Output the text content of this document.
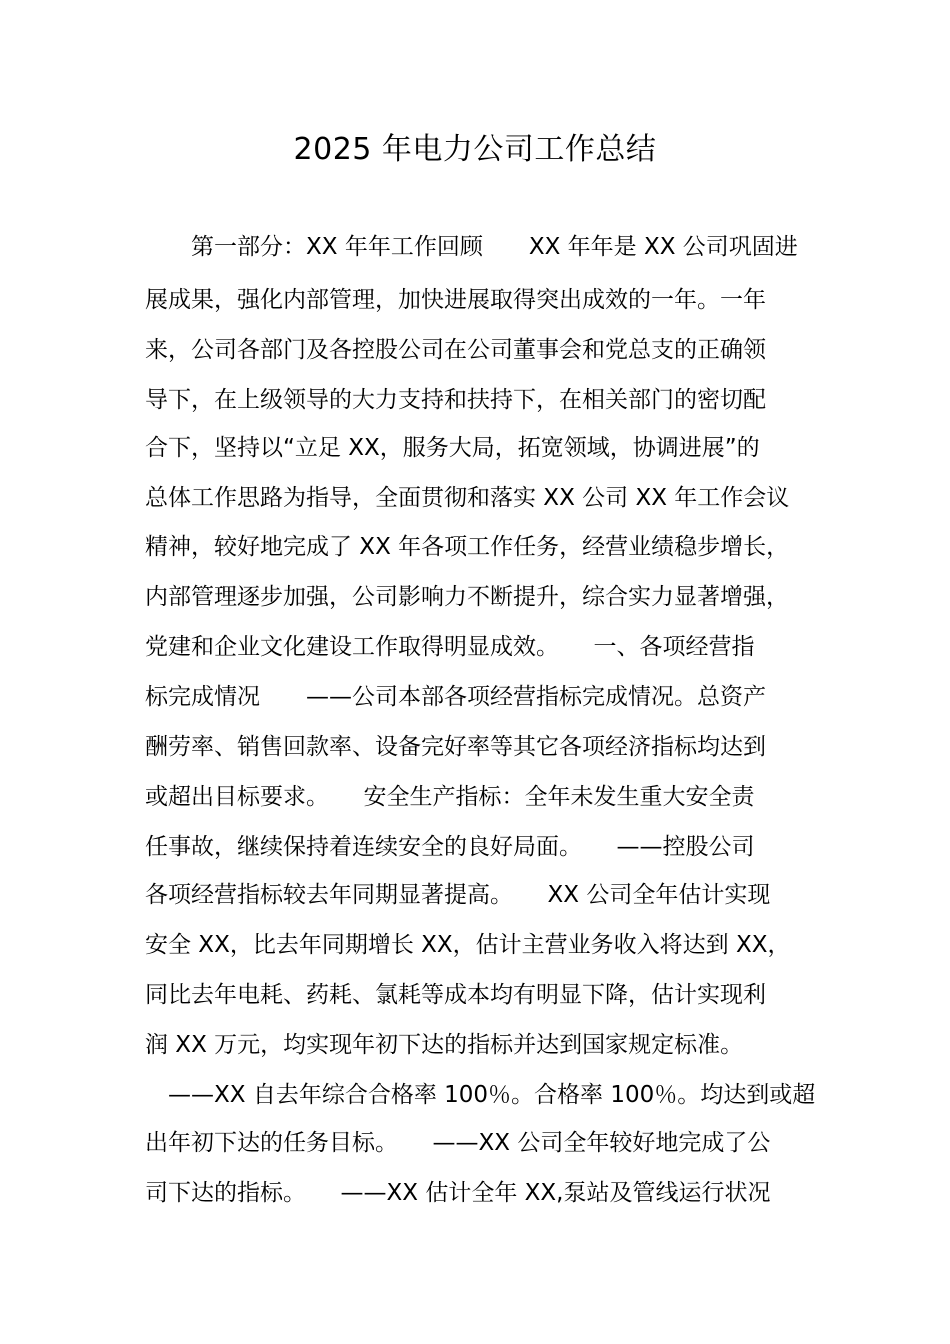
2025 年电力公司工作总结
　　第一部分：XX 年年工作回顾　　XX 年年是 XX 公司巩固进
展成果，强化内部管理，加快进展取得突出成效的一年。一年
来，公司各部门及各控股公司在公司董事会和党总支的正确领
导下，在上级领导的大力支持和扶持下，在相关部门的密切配
合下，坚持以“立足 XX，服务大局，拓宽领域，协调进展”的
总体工作思路为指导，全面贯彻和落实 XX 公司 XX 年工作会议
精神，较好地完成了 XX 年各项工作任务，经营业绩稳步增长，
内部管理逐步加强，公司影响力不断提升，综合实力显著增强，
党建和企业文化建设工作取得明显成效。　　一、各项经营指
标完成情况　　——公司本部各项经营指标完成情况。总资产
酬劳率、销售回款率、设备完好率等其它各项经济指标均达到
或超出目标要求。　　安全生产指标：全年未发生重大安全责
任事故，继续保持着连续安全的良好局面。　　——控股公司
各项经营指标较去年同期显著提高。　　XX 公司全年估计实现
安全 XX，比去年同期增长 XX，估计主营业务收入将达到 XX，
同比去年电耗、药耗、氯耗等成本均有明显下降，估计实现利
润 XX 万元，均实现年初下达的指标并达到国家规定标准。
　——XX 自去年综合合格率 100％。合格率 100％。均达到或超
出年初下达的任务目标。　　——XX 公司全年较好地完成了公
司下达的指标。　　——XX 估计全年 XX,泵站及管线运行状况
